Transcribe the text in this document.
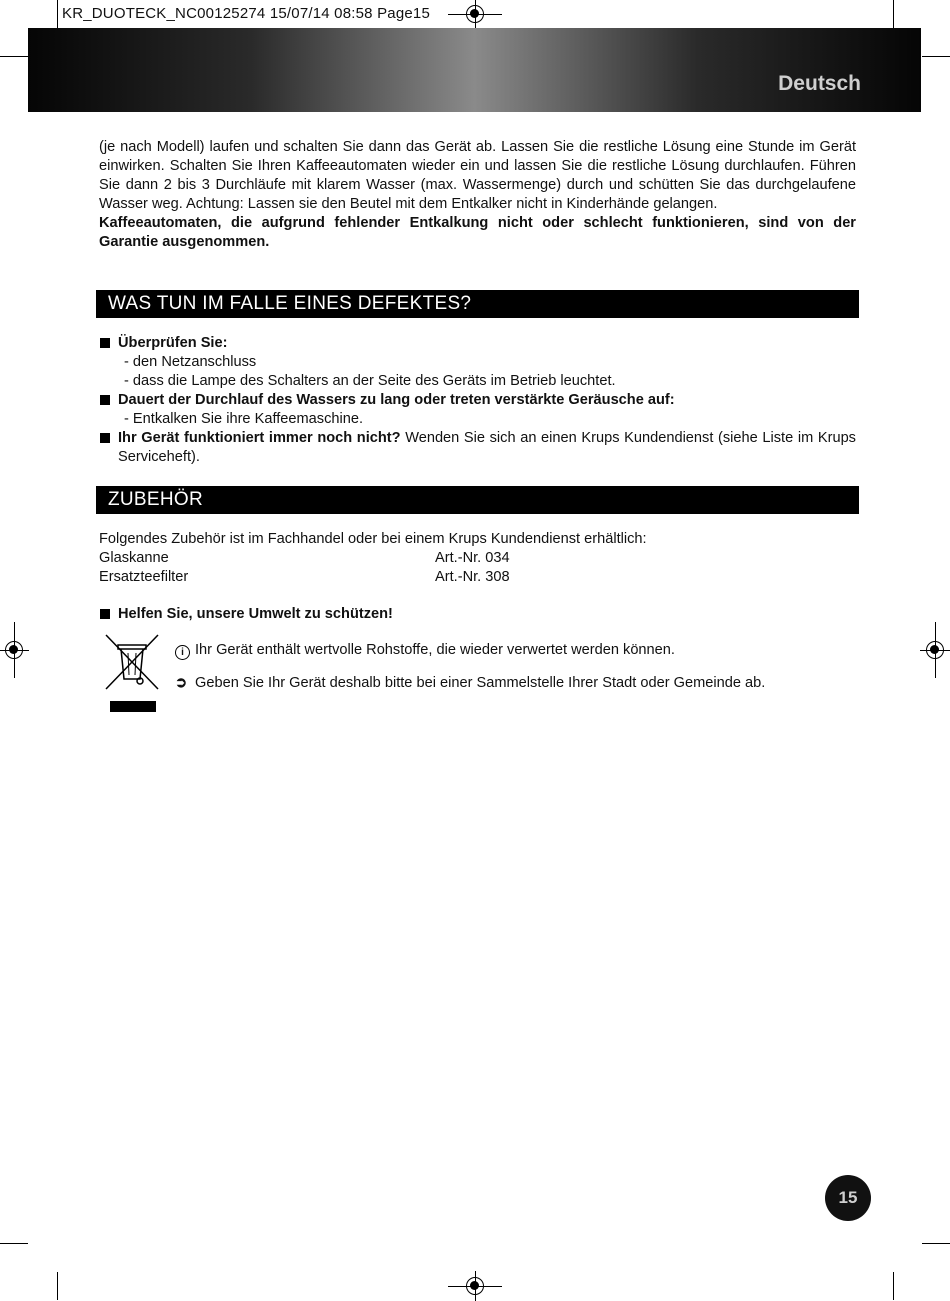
KR_DUOTECK_NC00125274 15/07/14 08:58 Page15
Deutsch
(je nach Modell) laufen und schalten Sie dann das Gerät ab. Lassen Sie die restliche Lösung eine Stunde im Gerät einwirken. Schalten Sie Ihren Kaffeeautomaten wieder ein und lassen Sie die restliche Lösung durchlaufen. Führen Sie dann 2 bis 3 Durchläufe mit klarem Wasser (max. Wassermenge) durch und schütten Sie das durchgelaufene Wasser weg. Achtung: Lassen sie den Beutel mit dem Entkalker nicht in Kinderhände gelangen.
Kaffeeautomaten, die aufgrund fehlender Entkalkung nicht oder schlecht funktionieren, sind von der Garantie ausgenommen.
WAS TUN IM FALLE EINES DEFEKTES?
Überprüfen Sie:
- den Netzanschluss
- dass die Lampe des Schalters an der Seite des Geräts im Betrieb leuchtet.
Dauert der Durchlauf des Wassers zu lang oder treten verstärkte Geräusche auf:
- Entkalken Sie ihre Kaffeemaschine.
Ihr Gerät funktioniert immer noch nicht? Wenden Sie sich an einen Krups Kundendienst (siehe Liste im Krups Serviceheft).
ZUBEHÖR
Folgendes Zubehör ist im Fachhandel oder bei einem Krups Kundendienst erhältlich:
Glaskanne	Art.-Nr. 034
Ersatzteefilter	Art.-Nr. 308
Helfen Sie, unsere Umwelt zu schützen!
i Ihr Gerät enthält wertvolle Rohstoffe, die wieder verwertet werden können.
➲ Geben Sie Ihr Gerät deshalb bitte bei einer Sammelstelle Ihrer Stadt oder Gemeinde ab.
15
